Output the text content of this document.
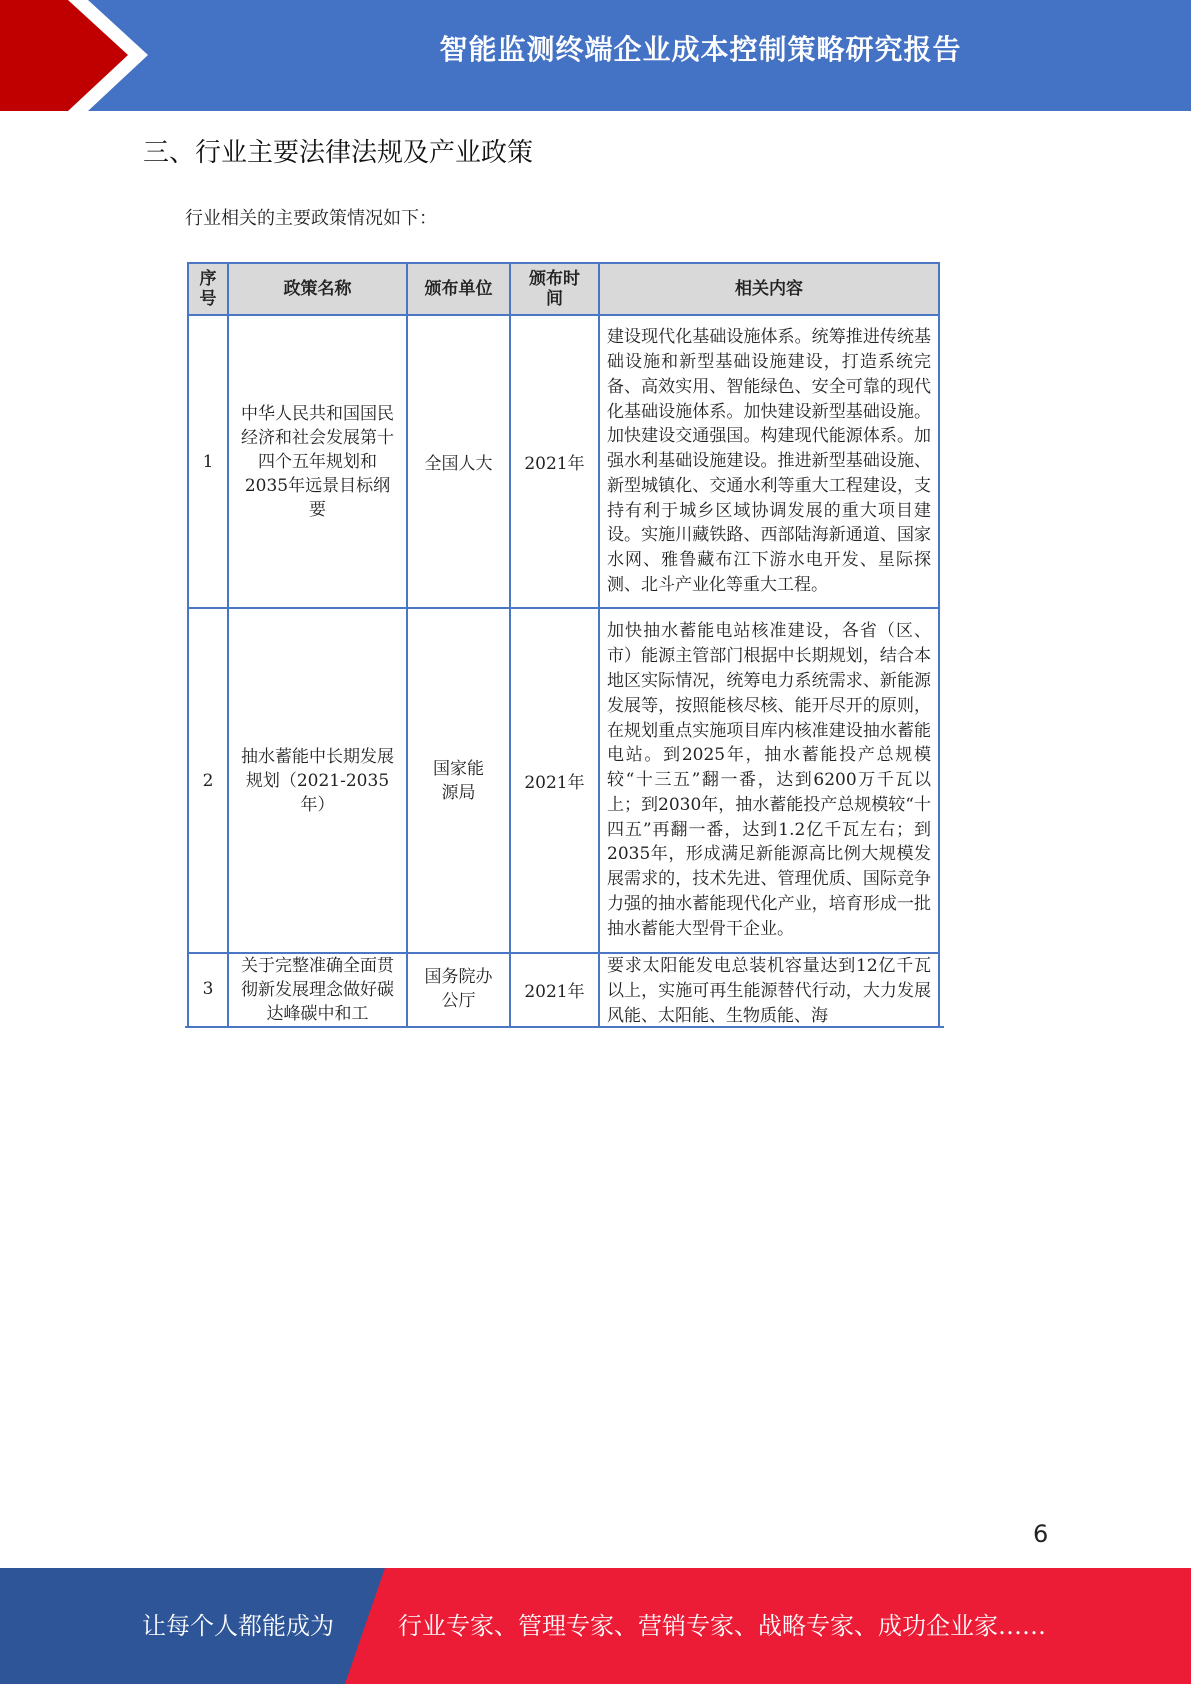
智能监测终端企业成本控制策略研究报告
三、行业主要法律法规及产业政策
行业相关的主要政策情况如下：
序号	政策名称	颁布单位	颁布时间	相关内容
1	中华人民共和国国民经济和社会发展第十四个五年规划和2035年远景目标纲要	全国人大	2021年	建设现代化基础设施体系。统筹推进传统基础设施和新型基础设施建设，打造系统完备、高效实用、智能绿色、安全可靠的现代化基础设施体系。加快建设新型基础设施。加快建设交通强国。构建现代能源体系。加强水利基础设施建设。推进新型基础设施、新型城镇化、交通水利等重大工程建设，支持有利于城乡区域协调发展的重大项目建设。实施川藏铁路、西部陆海新通道、国家水网、雅鲁藏布江下游水电开发、星际探测、北斗产业化等重大工程。
2	抽水蓄能中长期发展规划（2021-2035年）	国家能源局	2021年	加快抽水蓄能电站核准建设，各省（区、市）能源主管部门根据中长期规划，结合本地区实际情况，统筹电力系统需求、新能源发展等，按照能核尽核、能开尽开的原则，在规划重点实施项目库内核准建设抽水蓄能电站。到2025年，抽水蓄能投产总规模较“十三五”翻一番，达到6200万千瓦以上；到2030年，抽水蓄能投产总规模较“十四五”再翻一番，达到1.2亿千瓦左右；到2035年，形成满足新能源高比例大规模发展需求的，技术先进、管理优质、国际竞争力强的抽水蓄能现代化产业，培育形成一批抽水蓄能大型骨干企业。

3	关于完整准确全面贯彻新发展理念做好碳达峰碳中和工	国务院办公厅	2021年	要求太阳能发电总装机容量达到12亿千瓦以上，实施可再生能源替代行动，大力发展风能、太阳能、生物质能、海
6
让每个人都能成为	行业专家、管理专家、营销专家、战略专家、成功企业家……
